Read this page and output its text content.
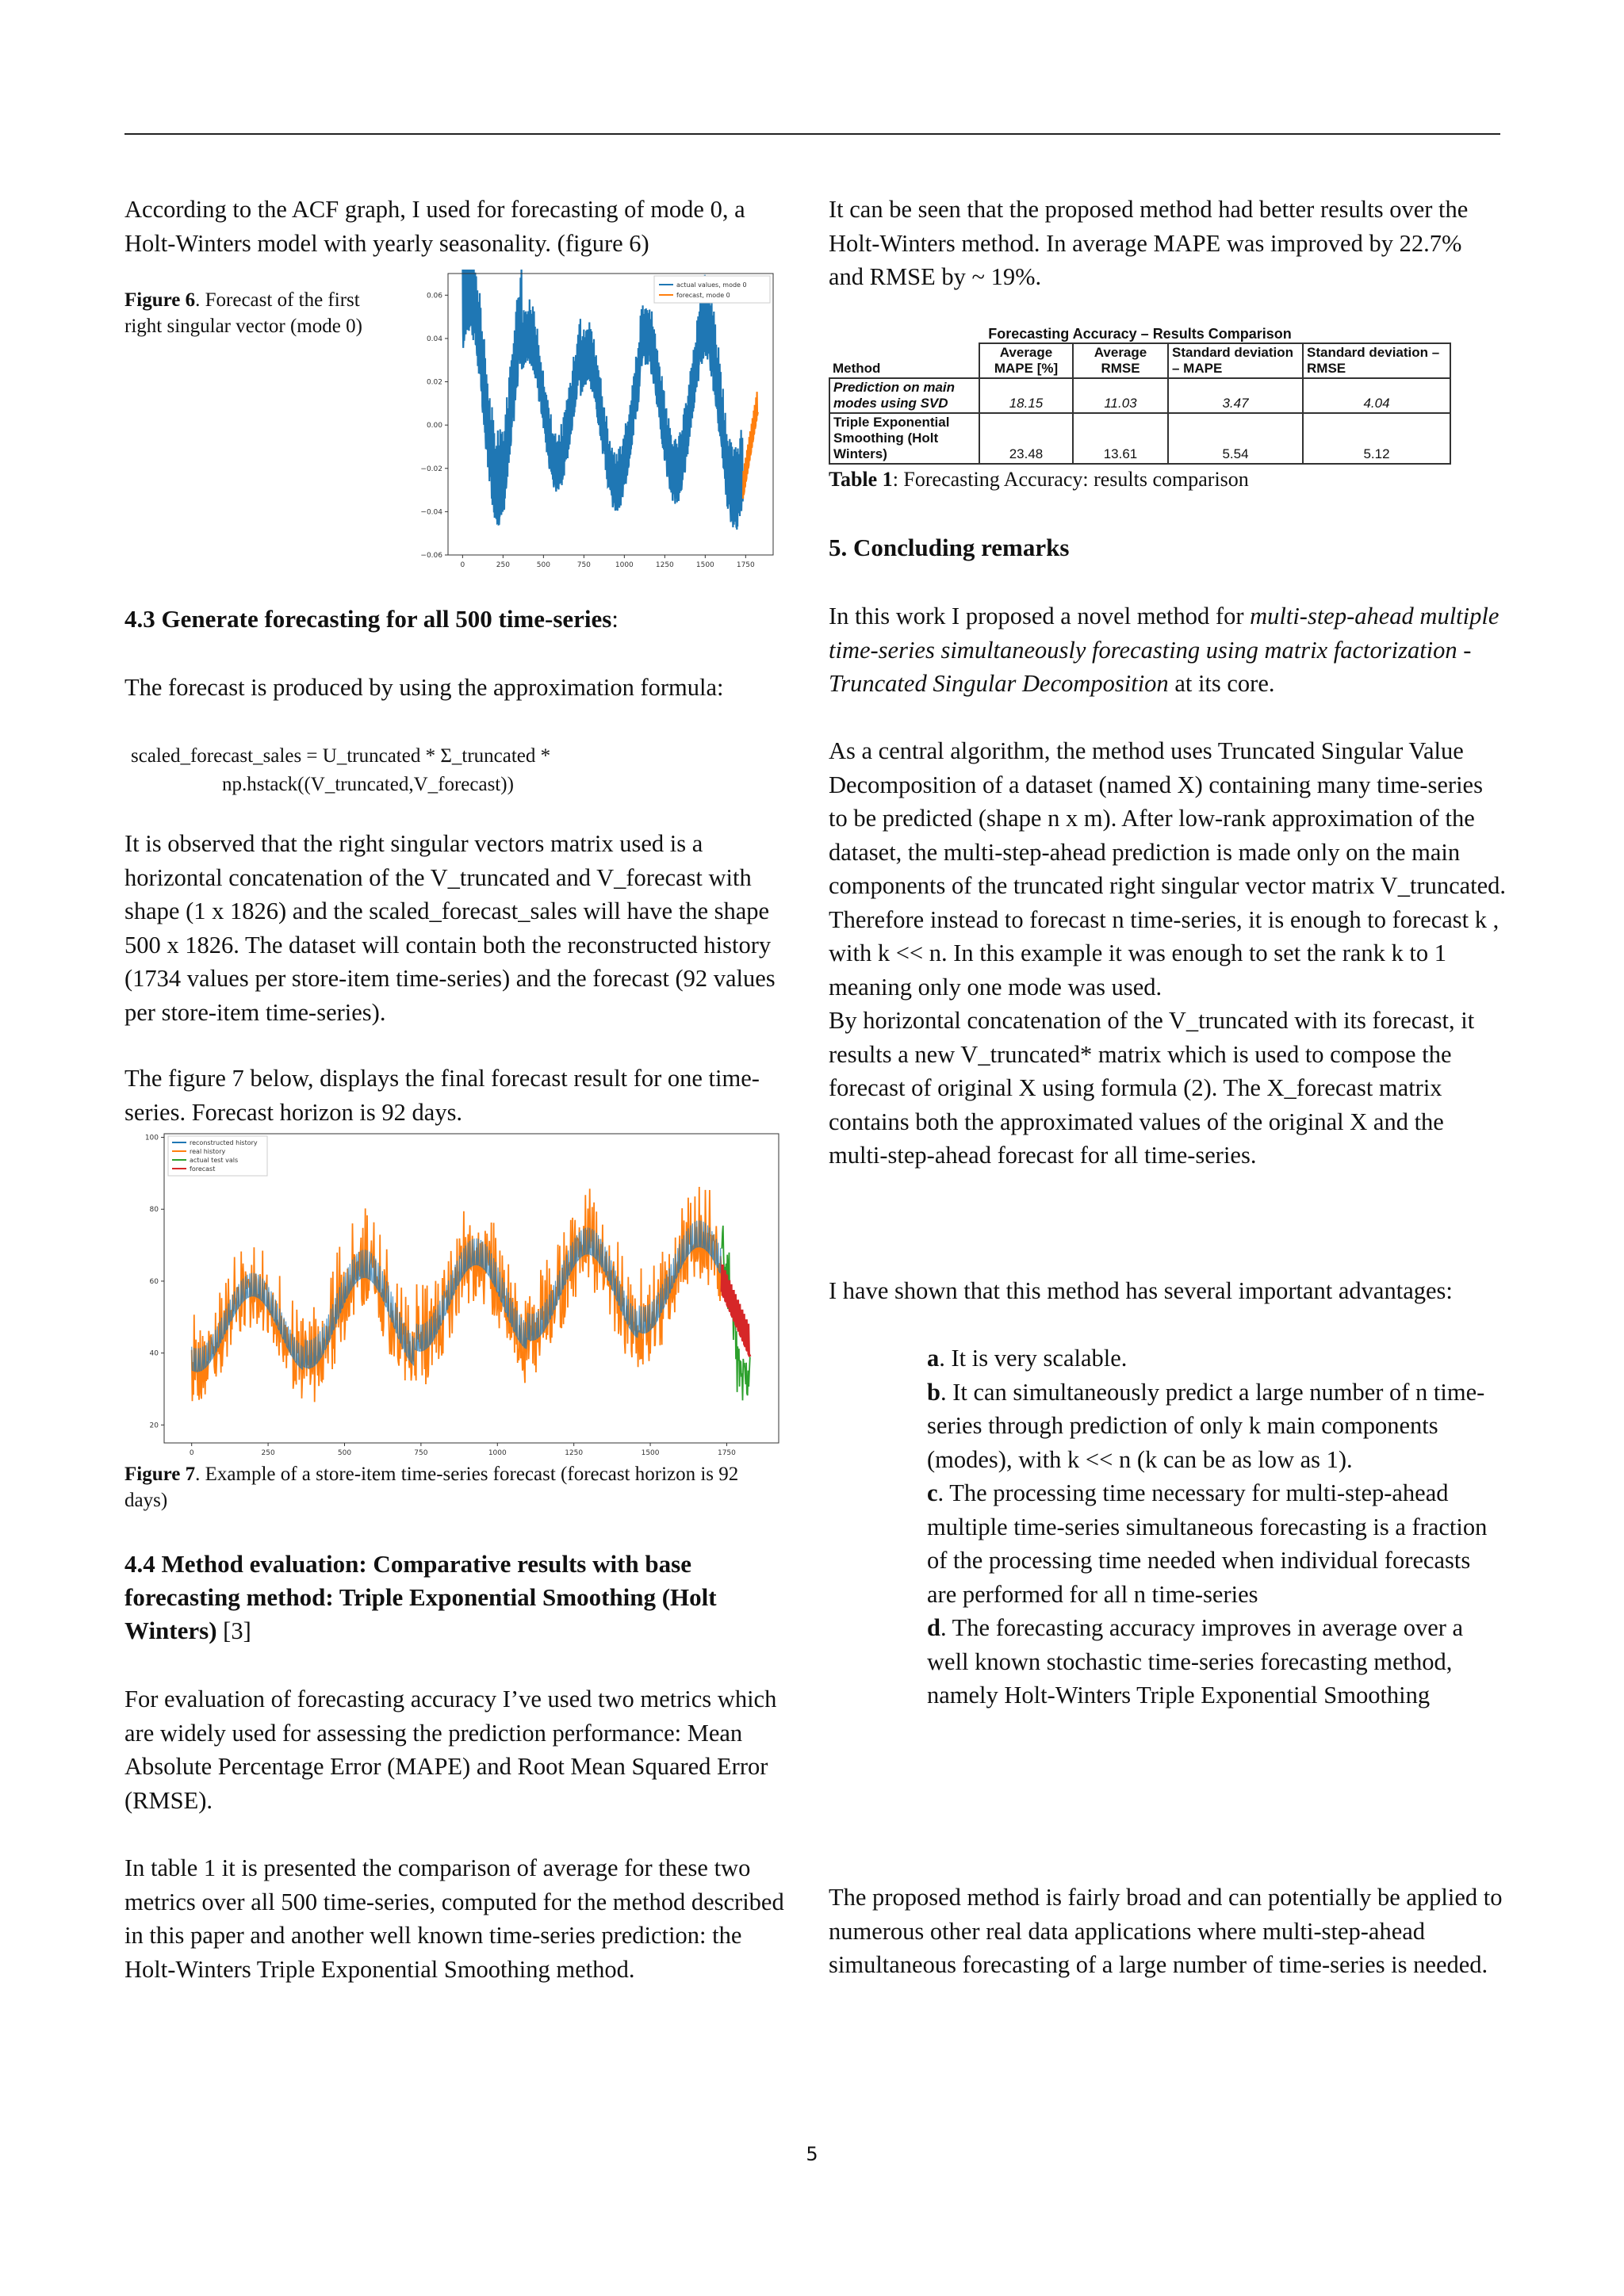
According to the ACF graph, I used for forecasting of mode 0, a Holt-Winters model with yearly seasonality. (figure 6)

Figure 6. Forecast of the first right singular vector (mode 0)

actual values, mode 0
forecast, mode 0
0	250	500	750	1000	1250	1500	1750
−0.06
−0.04
−0.02
0.00
0.02
0.04
0.06

4.3 Generate forecasting for all 500 time-series

:

The forecast is produced by using the approximation formula:

scaled_forecast_sales = U_truncated * Σ_truncated *
np.hstack((V_truncated,V_forecast))

It is observed that the right singular vectors matrix used is a horizontal concatenation of the V_truncated and V_forecast with shape (1 x 1826) and the scaled_forecast_sales will have the shape 500 x 1826. The dataset will contain both the reconstructed history (1734 values per store-item time-series) and the forecast (92 values per store-item time-series).

The figure 7 below, displays the final forecast result for one time-series. Forecast horizon is 92 days.

reconstructed history
real history
actual test vals
forecast
0	250	500	750	1000	1250	1500	1750
20
40
60
80
100

Figure 7. Example of a store-item time-series forecast (forecast horizon is 92 days)

4.4 Method evaluation: Comparative results with base forecasting method: Triple Exponential Smoothing (Holt Winters)

[3]

For evaluation of forecasting accuracy I’ve used two metrics which are widely used for assessing the prediction performance: Mean Absolute Percentage Error (MAPE) and Root Mean Squared Error (RMSE).

In table 1 it is presented the comparison of average for these two metrics over all 500 time-series, computed for the method described in this paper and another well known time-series prediction: the Holt-Winters Triple Exponential Smoothing method.

It can be seen that the proposed method had better results over the Holt-Winters method. In average MAPE was improved by 22.7% and RMSE by ~ 19%.

Forecasting Accuracy – Results Comparison
Method	Average MAPE [%]	Average RMSE	Standard deviation – MAPE	Standard deviation – RMSE
Prediction on main modes using SVD	18.15	11.03	3.47	4.04
Triple Exponential Smoothing (Holt Winters)	23.48	13.61	5.54	5.12

Table 1: Forecasting Accuracy: results comparison

5. Concluding remarks

In this work I proposed a novel method for multi-step-ahead multiple time-series simultaneously forecasting using matrix factorization - Truncated Singular Decomposition at its core.

As a central algorithm, the method uses Truncated Singular Value Decomposition of a dataset (named X) containing many time-series to be predicted (shape n x m). After low-rank approximation of the dataset, the multi-step-ahead prediction is made only on the main components of the truncated right singular vector matrix V_truncated. Therefore instead to forecast n time-series, it is enough to forecast k , with k << n. In this example it was enough to set the rank k to 1 meaning only one mode was used.

By horizontal concatenation of the V_truncated with its forecast, it results a new V_truncated* matrix which is used to compose the forecast of original X using formula (2). The X_forecast matrix contains both the approximated values of the original X and the multi-step-ahead forecast for all time-series.

I have shown that this method has several important advantages:

a. It is very scalable.

b. It can simultaneously predict a large number of n time-series through prediction of only k main components (modes), with k << n (k can be as low as 1).

c. The processing time necessary for multi-step-ahead multiple time-series simultaneous forecasting is a fraction of the processing time needed when individual forecasts are performed for all n time-series

d. The forecasting accuracy improves in average over a well known stochastic time-series forecasting method, namely Holt-Winters Triple Exponential Smoothing

The proposed method is fairly broad and can potentially be applied to numerous other real data applications where multi-step-ahead simultaneous forecasting of a large number of time-series is needed.

5
